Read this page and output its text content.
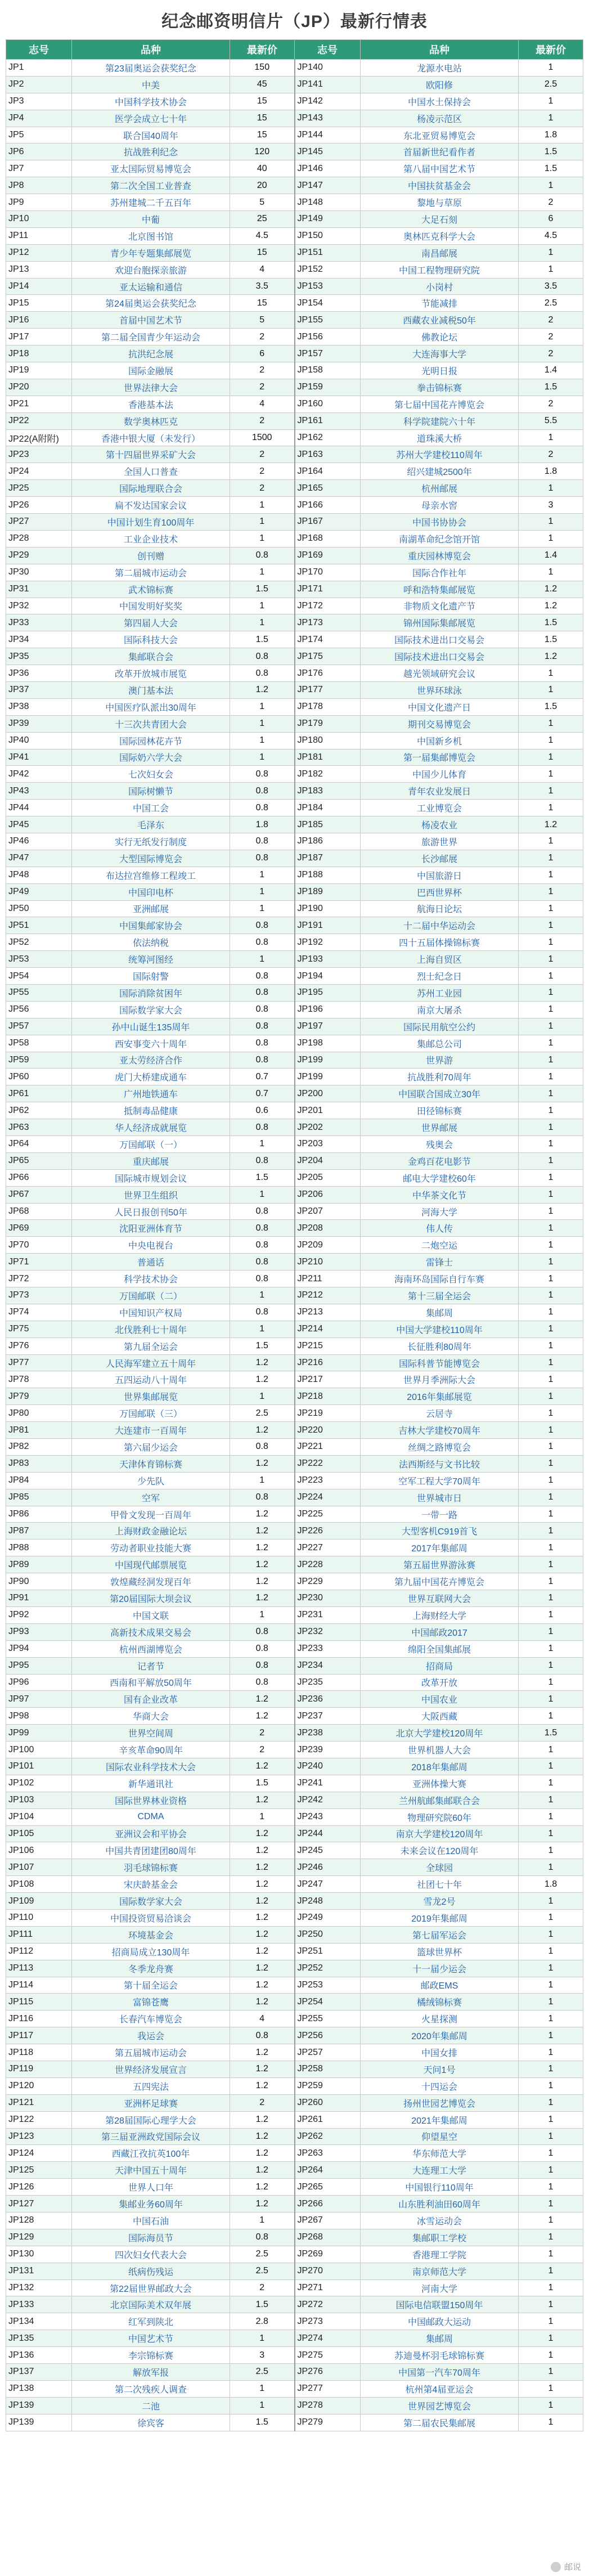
纪念邮资明信片（JP）最新行情表
志号	品种	最新价	志号	品种	最新价
JP1	第23届奥运会获奖纪念	150	JP140	龙源水电站	1
JP2	中美	45	JP141	欧阳修	2.5
JP3	中国科学技术协会	15	JP142	中国水土保持会	1
JP4	医学会成立七十年	15	JP143	杨凌示范区	1
JP5	联合国40周年	15	JP144	东北亚贸易博览会	1.8
JP6	抗战胜利纪念	120	JP145	首届新世纪看作者	1.5
JP7	亚太国际贸易博览会	40	JP146	第八届中国艺术节	1.5
JP8	第二次全国工业普查	20	JP147	中国扶贫基金会	1
JP9	苏州建城二千五百年	5	JP148	黎地与草原	2
JP10	中葡	25	JP149	大足石刻	6
JP11	北京图书馆	4.5	JP150	奥林匹克科学大会	4.5
JP12	青少年专题集邮展览	15	JP151	南昌邮展	1
JP13	欢迎台胞探亲旅游	4	JP152	中国工程物理研究院	1
JP14	亚太运输和通信	3.5	JP153	小岗村	3.5
JP15	第24届奥运会获奖纪念	15	JP154	节能减排	2.5
JP16	首届中国艺术节	5	JP155	西藏农业减税50年	2
JP17	第二届全国青少年运动会	2	JP156	佛教论坛	2
JP18	抗洪纪念展	6	JP157	大连海事大学	2
JP19	国际金融展	2	JP158	光明日报	1.4
JP20	世界法律大会	2	JP159	拳击锦标赛	1.5
JP21	香港基本法	4	JP160	第七届中国花卉博览会	2
JP22	数学奥林匹克	2	JP161	科学院建院六十年	5.5
JP22(A附附)	香港中银大厦（未发行）	1500	JP162	道珠溪大桥	1
JP23	第十四届世界采矿大会	2	JP163	苏州大学建校110周年	2
JP24	全国人口普查	2	JP164	绍兴建城2500年	1.8
JP25	国际地理联合会	2	JP165	杭州邮展	1
JP26	扁不发达国家会议	1	JP166	母亲水窖	3
JP27	中国计划生育100周年	1	JP167	中国书协协会	1
JP28	工业企业技术	1	JP168	南湖革命纪念馆开馆	1
JP29	创刊赠	0.8	JP169	重庆园林博览会	1.4
JP30	第二届城市运动会	1	JP170	国际合作社年	1
JP31	武术锦标赛	1.5	JP171	呼和浩特集邮展览	1.2
JP32	中国发明好奖奖	1	JP172	非物质文化遗产节	1.2
JP33	第四届人大会	1	JP173	锦州国际集邮展览	1.5
JP34	国际科技大会	1.5	JP174	国际技术进出口交易会	1.5
JP35	集邮联合会	0.8	JP175	国际技术进出口交易会	1.2
JP36	改革开放城市展览	0.8	JP176	越光领域研究会议	1
JP37	澳门基本法	1.2	JP177	世界环球泳	1
JP38	中国医疗队派出30周年	1	JP178	中国文化遗产日	1.5
JP39	十三次共青团大会	1	JP179	期刊交易博览会	1
JP40	国际园林花卉节	1	JP180	中国新乡机	1
JP41	国际奶六学大会	1	JP181	第一届集邮博览会	1
JP42	七次妇女会	0.8	JP182	中国少儿体育	1
JP43	国际树懒节	0.8	JP183	青年农业发展日	1
JP44	中国工会	0.8	JP184	工业博览会	1
JP45	毛泽东	1.8	JP185	杨凌农业	1.2
JP46	实行无纸发行制度	0.8	JP186	旅游世界	1
JP47	大型国际博览会	0.8	JP187	长沙邮展	1
JP48	布达拉宫维修工程竣工	1	JP188	中国旅游日	1
JP49	中国印电杯	1	JP189	巴西世界杯	1
JP50	亚洲邮展	1	JP190	航海日论坛	1
JP51	中国集邮家协会	0.8	JP191	十二届中华运动会	1
JP52	依法纳税	0.8	JP192	四十五届体操锦标赛	1
JP53	统筹河图经	1	JP193	上海自贸区	1
JP54	国际射警	0.8	JP194	烈士纪念日	1
JP55	国际消除贫困年	0.8	JP195	苏州工业园	1
JP56	国际数学家大会	0.8	JP196	南京大屠杀	1
JP57	孙中山诞生135周年	0.8	JP197	国际民用航空公约	1
JP58	西安事变六十周年	0.8	JP198	集邮总公司	1
JP59	亚太劳经济合作	0.8	JP199	世界游	1
JP60	虎门大桥建成通车	0.7	JP199	抗战胜利70周年	1
JP61	广州地铁通车	0.7	JP200	中国联合国成立30年	1
JP62	抵制毒品健康	0.6	JP201	田径锦标赛	1
JP63	华人经济成就展览	0.8	JP202	世界邮展	1
JP64	万国邮联（一）	1	JP203	残奥会	1
JP65	重庆邮展	0.8	JP204	金鸡百花电影节	1
JP66	国际城市规划会议	1.5	JP205	邮电大学建校60年	1
JP67	世界卫生组织	1	JP206	中华茶文化节	1
JP68	人民日报创刊50年	0.8	JP207	河海大学	1
JP69	沈阳亚洲体育节	0.8	JP208	伟人传	1
JP70	中央电视台	0.8	JP209	二炮空运	1
JP71	普通话	0.8	JP210	雷锋士	1
JP72	科学技术协会	0.8	JP211	海南环岛国际自行车赛	1
JP73	万国邮联（二）	1	JP212	第十三届全运会	1
JP74	中国知识产权局	0.8	JP213	集邮周	1
JP75	北伐胜利七十周年	1	JP214	中国大学建校110周年	1
JP76	第九届全运会	1.5	JP215	长征胜利80周年	1
JP77	人民海军建立五十周年	1.2	JP216	国际科普节能博览会	1
JP78	五四运动八十周年	1.2	JP217	世界月季洲际大会	1
JP79	世界集邮展览	1	JP218	2016年集邮展览	1
JP80	万国邮联（三）	2.5	JP219	云居寺	1
JP81	大连建市一百周年	1.2	JP220	吉林大学建校70周年	1
JP82	第六届少运会	0.8	JP221	丝绸之路博览会	1
JP83	天津体育锦标赛	1.2	JP222	法西斯经与文书比较	1
JP84	少先队	1	JP223	空军工程大学70周年	1
JP85	空军	0.8	JP224	世界城市日	1
JP86	甲骨文发现一百周年	1.2	JP225	一带一路	1
JP87	上海财政金融论坛	1.2	JP226	大型客机C919首飞	1
JP88	劳动者职业技能大赛	1.2	JP227	2017年集邮周	1
JP89	中国现代邮票展览	1.2	JP228	第五届世界游泳赛	1
JP90	敦煌藏经洞发现百年	1.2	JP229	第九届中国花卉博览会	1
JP91	第20届国际大坝会议	1.2	JP230	世界互联网大会	1
JP92	中国文联	1	JP231	上海财经大学	1
JP93	高新技术成果交易会	0.8	JP232	中国邮政2017	1
JP94	杭州西湖博览会	0.8	JP233	绵阳全国集邮展	1
JP95	记者节	0.8	JP234	招商局	1
JP96	西南和平解放50周年	0.8	JP235	改革开放	1
JP97	国有企业改革	1.2	JP236	中国农业	1
JP98	华商大会	1.2	JP237	大阪西藏	1
JP99	世界空间周	2	JP238	北京大学建校120周年	1.5
JP100	辛亥革命90周年	2	JP239	世界机器人大会	1
JP101	国际农业科学技术大会	1.2	JP240	2018年集邮周	1
JP102	新华通讯社	1.5	JP241	亚洲体操大赛	1
JP103	国际世界林业资格	1.2	JP242	兰州航邮集邮联合会	1
JP104	CDMA	1	JP243	物理研究院60年	1
JP105	亚洲议会和平协会	1.2	JP244	南京大学建校120周年	1
JP106	中国共青团建团80周年	1.2	JP245	未来会议在120周年	1
JP107	羽毛球锦标赛	1.2	JP246	全球园	1
JP108	宋庆龄基金会	1.2	JP247	社团七十年	1.8
JP109	国际数学家大会	1.2	JP248	雪龙2号	1
JP110	中国投资贸易洽谈会	1.2	JP249	2019年集邮周	1
JP111	环境基金会	1.2	JP250	第七届军运会	1
JP112	招商局成立130周年	1.2	JP251	篮球世界杯	1
JP113	冬季龙舟赛	1.2	JP252	十一届少运会	1
JP114	第十届全运会	1.2	JP253	邮政EMS	1
JP115	富锦苍鹰	1.2	JP254	橘绒锦标赛	1
JP116	长春汽车博览会	4	JP255	火星探测	1
JP117	我运会	0.8	JP256	2020年集邮周	1
JP118	第五届城市运动会	1.2	JP257	中国女排	1
JP119	世界经济发展宣言	1.2	JP258	天问1号	1
JP120	五四宪法	1.2	JP259	十四运会	1
JP121	亚洲杯足球赛	2	JP260	扬州世园艺博览会	1
JP122	第28届国际心理学大会	1.2	JP261	2021年集邮周	1
JP123	第三届亚洲政党国际会议	1.2	JP262	仰望星空	1
JP124	西藏江孜抗英100年	1.2	JP263	华东师范大学	1
JP125	天津中国五十周年	1.2	JP264	大连理工大学	1
JP126	世界人口年	1.2	JP265	中国银行110周年	1
JP127	集邮业务60周年	1.2	JP266	山东胜利油田60周年	1
JP128	中国石油	1	JP267	冰雪运动会	1
JP129	国际海员节	0.8	JP268	集邮职工学校	1
JP130	四次妇女代表大会	2.5	JP269	香港理工学院	1
JP131	纸病伤残运	2.5	JP270	南京师范大学	1
JP132	第22届世界邮政大会	2	JP271	河南大学	1
JP133	北京国际美术双年展	1.5	JP272	国际电信联盟150周年	1
JP134	红军到陕北	2.8	JP273	中国邮政大运动	1
JP135	中国艺术节	1	JP274	集邮周	1
JP136	李宗锦标赛	3	JP275	苏迪曼杯羽毛球锦标赛	1
JP137	解放军报	2.5	JP276	中国第一汽车70周年	1
JP138	第二次残疾人调查	1	JP277	杭州第4届亚运会	1
JP139	二池	1	JP278	世界园艺博览会	1
JP139	徐宾客	1.5	JP279	第二届农民集邮展	1
邮说
